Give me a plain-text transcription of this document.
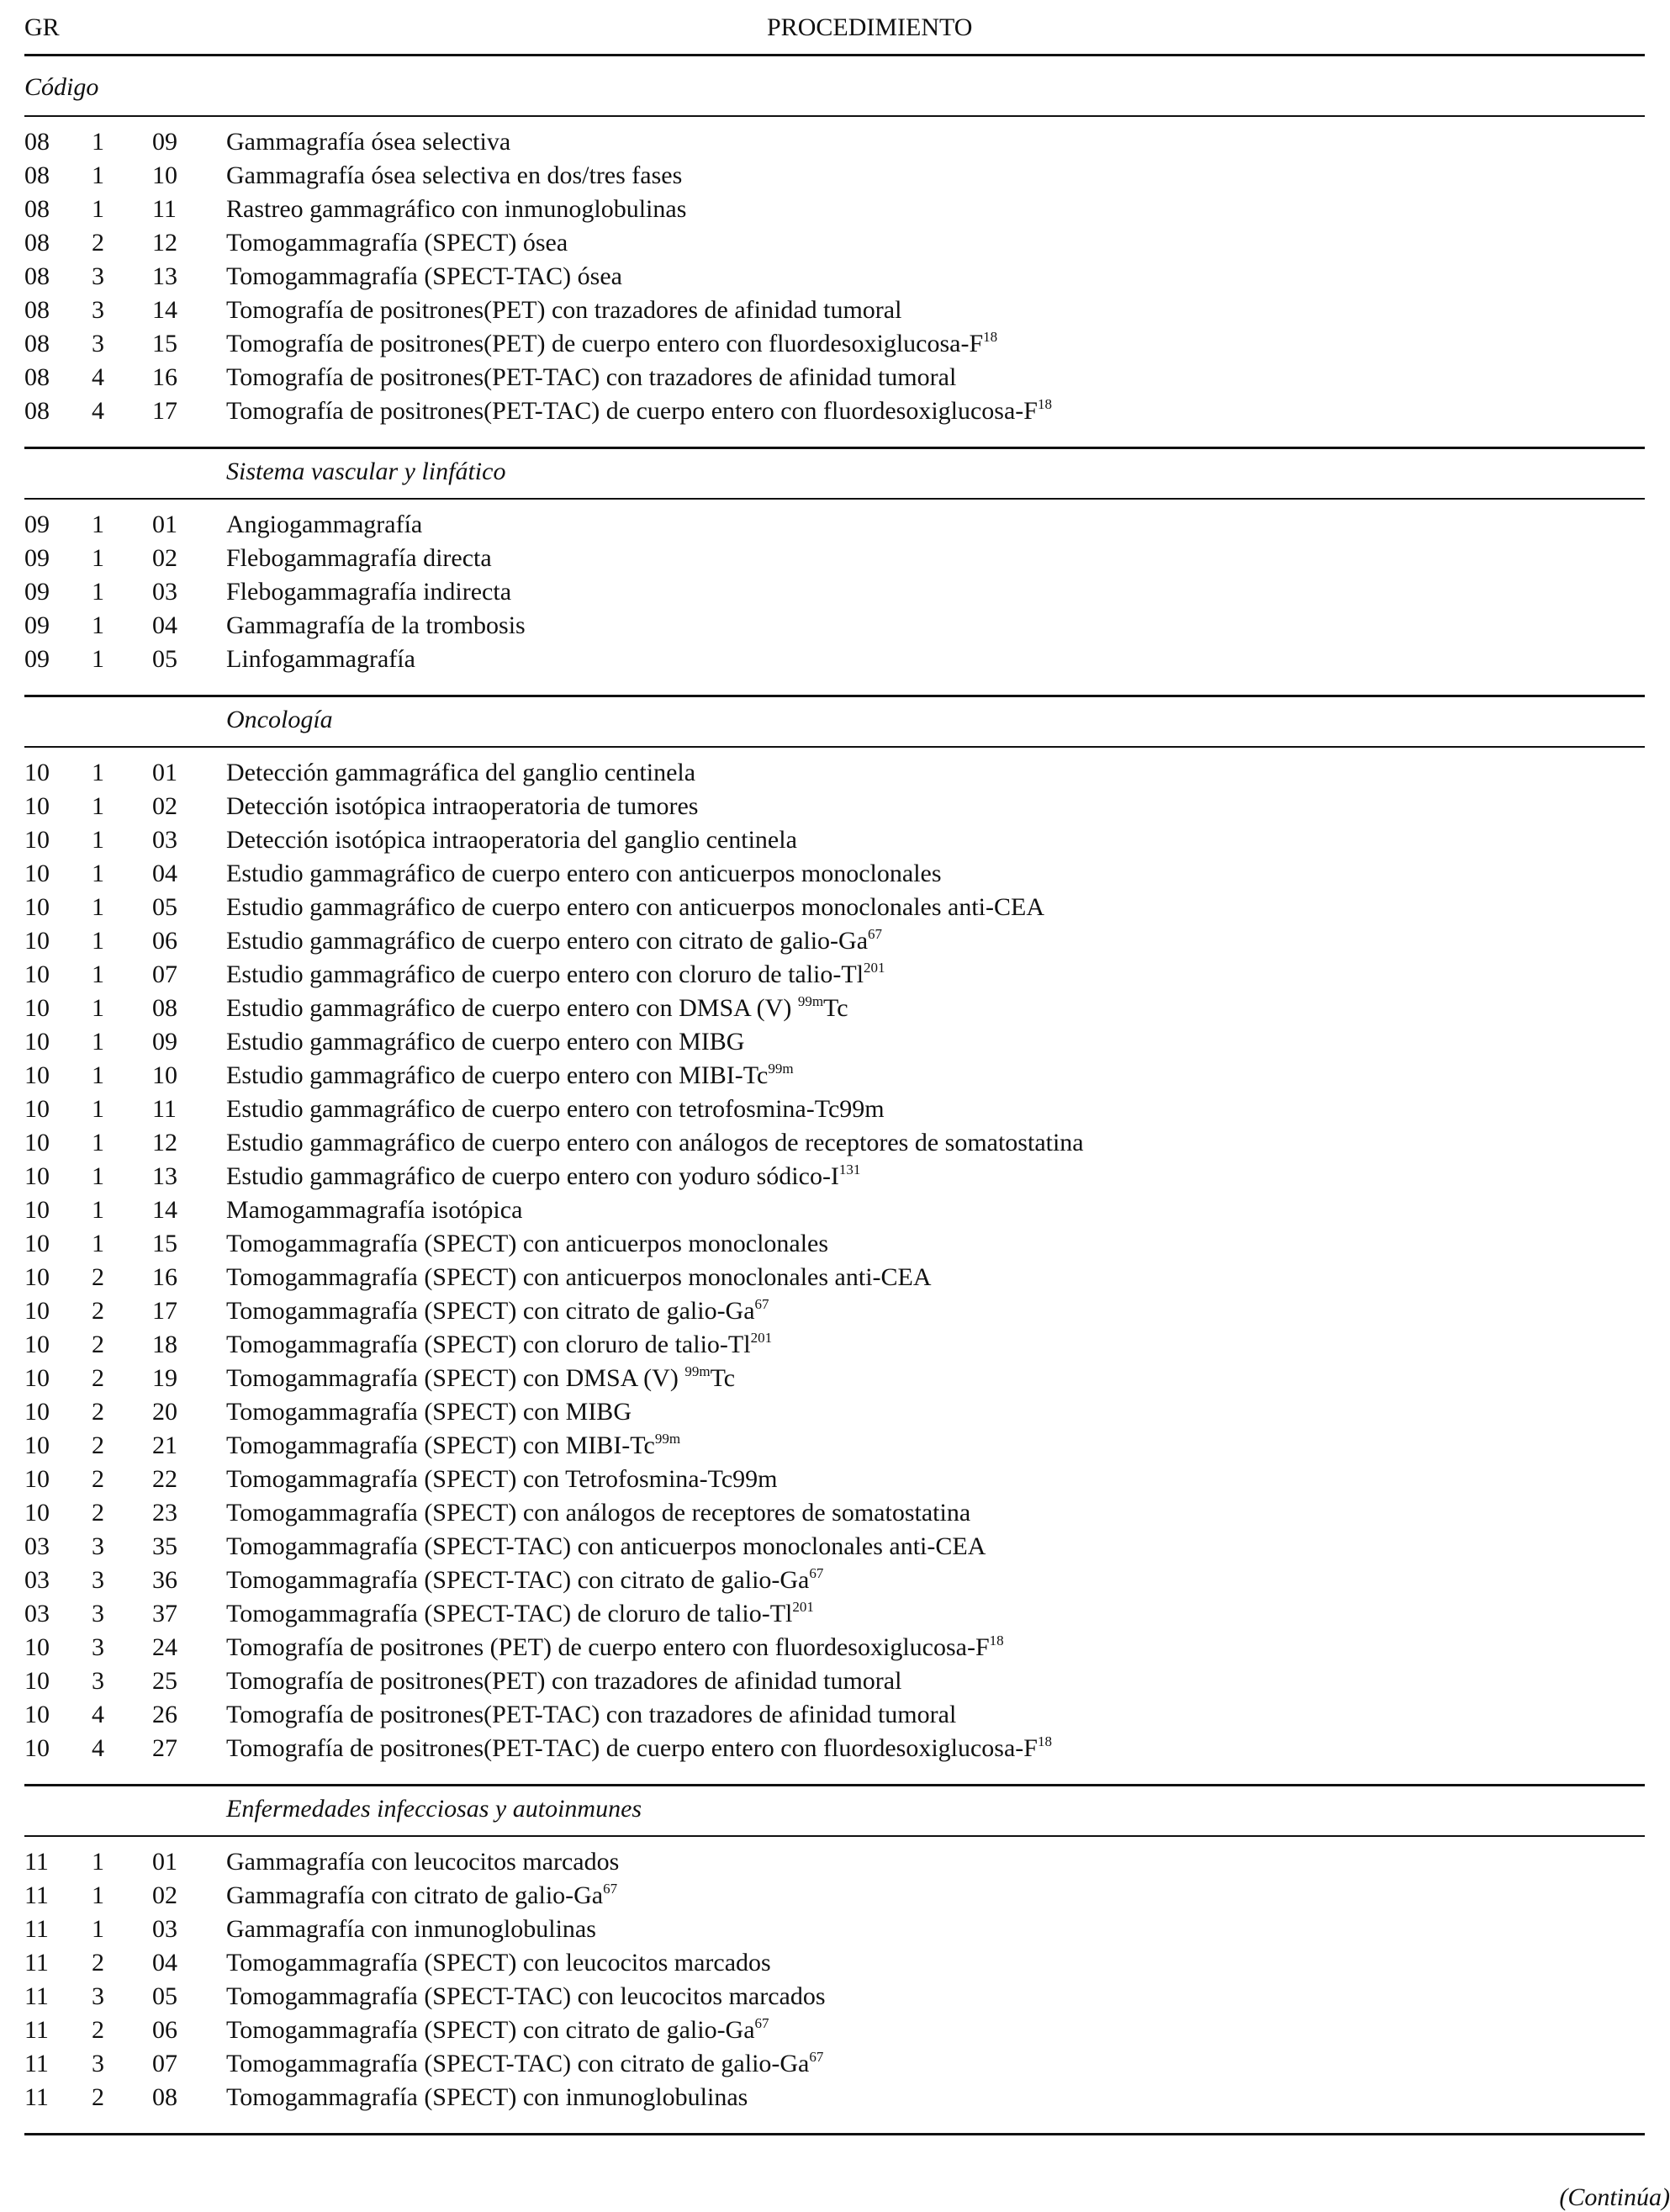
GR	PROCEDIMIENTO
Código
08 1 09 Gammagrafía ósea selectiva
08 1 10 Gammagrafía ósea selectiva en dos/tres fases
08 1 11 Rastreo gammagráfico con inmunoglobulinas
08 2 12 Tomogammagrafía (SPECT) ósea
08 3 13 Tomogammagrafía (SPECT-TAC) ósea
08 3 14 Tomografía de positrones(PET) con trazadores de afinidad tumoral
08 3 15 Tomografía de positrones(PET) de cuerpo entero con fluordesoxiglucosa-$F^{18}$
08 4 16 Tomografía de positrones(PET-TAC) con trazadores de afinidad tumoral
08 4 17 Tomografía de positrones(PET-TAC) de cuerpo entero con fluordesoxiglucosa-$F^{18}$
Sistema vascular y linfático
09 1 01 Angiogammagrafía
09 1 02 Flebogammagrafía directa
09 1 03 Flebogammagrafía indirecta
09 1 04 Gammagrafía de la trombosis
09 1 05 Linfogammagrafía
Oncología
10 1 01 Detección gammagráfica del ganglio centinela
10 1 02 Detección isotópica intraoperatoria de tumores
10 1 03 Detección isotópica intraoperatoria del ganglio centinela
10 1 04 Estudio gammagráfico de cuerpo entero con anticuerpos monoclonales
10 1 05 Estudio gammagráfico de cuerpo entero con anticuerpos monoclonales anti-CEA
10 1 06 Estudio gammagráfico de cuerpo entero con citrato de galio-Ga$^{67}$
10 1 07 Estudio gammagráfico de cuerpo entero con cloruro de talio-Tl$^{201}$
10 1 08 Estudio gammagráfico de cuerpo entero con DMSA (V) $^{99m}$Tc
10 1 09 Estudio gammagráfico de cuerpo entero con MIBG
10 1 10 Estudio gammagráfico de cuerpo entero con MIBI-$Tc^{99m}$
10 1 11 Estudio gammagráfico de cuerpo entero con tetrofosmina-Tc99m
10 1 12 Estudio gammagráfico de cuerpo entero con análogos de receptores de somatostatina
10 1 13 Estudio gammagráfico de cuerpo entero con yoduro sódico-$I^{131}$
10 1 14 Mamogammagrafía isotópica
10 1 15 Tomogammagrafía (SPECT) con anticuerpos monoclonales
10 2 16 Tomogammagrafía (SPECT) con anticuerpos monoclonales anti-CEA
10 2 17 Tomogammagrafía (SPECT) con citrato de galio-Ga$^{67}$
10 2 18 Tomogammagrafía (SPECT) con cloruro de talio-Tl$^{201}$
10 2 19 Tomogammagrafía (SPECT) con DMSA (V) $^{99m}$Tc
10 2 20 Tomogammagrafía (SPECT) con MIBG
10 2 21 Tomogammagrafía (SPECT) con MIBI-$Tc^{99m}$
10 2 22 Tomogammagrafía (SPECT) con Tetrofosmina-Tc99m
10 2 23 Tomogammagrafía (SPECT) con análogos de receptores de somatostatina
03 3 35 Tomogammagrafía (SPECT-TAC) con anticuerpos monoclonales anti-CEA
03 3 36 Tomogammagrafía (SPECT-TAC) con citrato de galio-Ga$^{67}$
03 3 37 Tomogammagrafía (SPECT-TAC) de cloruro de talio-Tl$^{201}$
10 3 24 Tomografía de positrones (PET) de cuerpo entero con fluordesoxiglucosa-$F^{18}$
10 3 25 Tomografía de positrones(PET) con trazadores de afinidad tumoral
10 4 26 Tomografía de positrones(PET-TAC) con trazadores de afinidad tumoral
10 4 27 Tomografía de positrones(PET-TAC) de cuerpo entero con fluordesoxiglucosa-$F^{18}$
Enfermedades infecciosas y autoinmunes
11 1 01 Gammagrafía con leucocitos marcados
11 1 02 Gammagrafía con citrato de galio-Ga$^{67}$
11 1 03 Gammagrafía con inmunoglobulinas
11 2 04 Tomogammagrafía (SPECT) con leucocitos marcados
11 3 05 Tomogammagrafía (SPECT-TAC) con leucocitos marcados
11 2 06 Tomogammagrafía (SPECT) con citrato de galio-Ga$^{67}$
11 3 07 Tomogammagrafía (SPECT-TAC) con citrato de galio-Ga$^{67}$
11 2 08 Tomogammagrafía (SPECT) con inmunoglobulinas
(Continúa)
